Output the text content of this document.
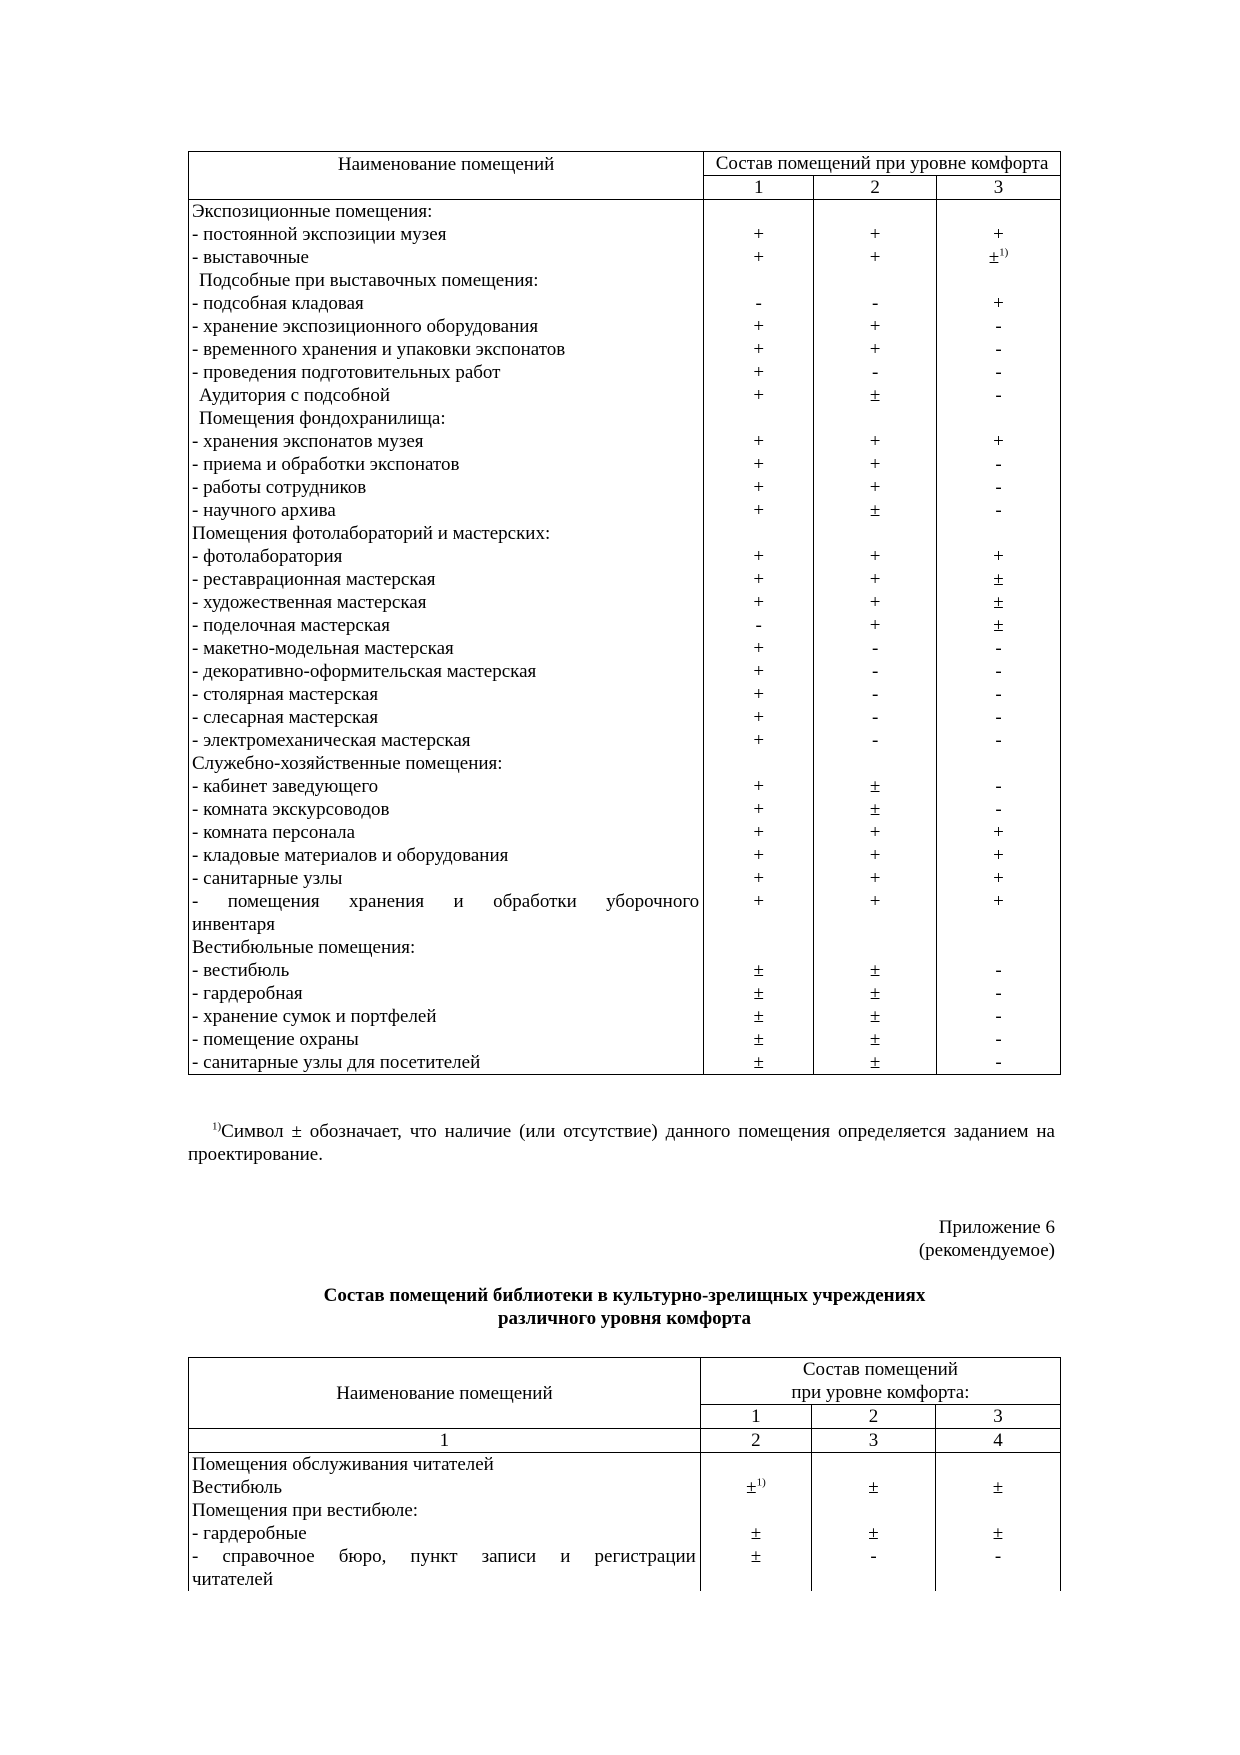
Наименование помещений	Состав помещений при уровне комфорта		
	1	2	3

Экспозиционные помещения:			

- постоянной экспозиции музея	+	+	+

- выставочные	+	+	±$^{1)}$

Подсобные при выставочных помещения:			

- подсобная кладовая	-	-	+

- хранение экспозиционного оборудования	+	+	-

- временного хранения и упаковки экспонатов	+	+	-

- проведения подготовительных работ	+	-	-

Аудитория с подсобной	+	±	-

Помещения фондохранилища:			

- хранения экспонатов музея	+	+	+

- приема и обработки экспонатов	+	+	-

- работы сотрудников	+	+	-

- научного архива	+	±	-

Помещения фотолабораторий и мастерских:			

- фотолаборатория	+	+	+

- реставрационная мастерская	+	+	±

- художественная мастерская	+	+	±

- поделочная мастерская	-	+	±

- макетно-модельная мастерская	+	-	-

- декоративно-оформительская мастерская	+	-	-

- столярная мастерская	+	-	-

- слесарная мастерская	+	-	-

- электромеханическая мастерская	+	-	-

Служебно-хозяйственные помещения:			

- кабинет заведующего	+	±	-

- комната экскурсоводов	+	±	-

- комната персонала	+	+	+

- кладовые материалов и оборудования	+	+	+

- санитарные узлы	+	+	+

- помещения хранения и обработки уборочного
инвентаря	+	+	+

Вестибюльные помещения:			

- вестибюль	±	±	-

- гардеробная	±	±	-

- хранение сумок и портфелей	±	±	-

- помещение охраны	±	±	-

- санитарные узлы для посетителей	±	±	-
$^{1)}$Символ ± обозначает, что наличие (или отсутствие) данного помещения определяется заданием на проектирование.
Приложение 6
(рекомендуемое)
Состав помещений библиотеки в культурно-зрелищных учреждениях
различного уровня комфорта
Наименование помещений	Состав помещений
при уровне комфорта:		

	1	2	3
1	2	3	4

Помещения обслуживания читателей			

Вестибюль	±$^{1)}$	±	±

Помещения при вестибюле:			

- гардеробные	±	±	±

- справочное бюро, пункт записи и регистрации
читателей	±	-	-
